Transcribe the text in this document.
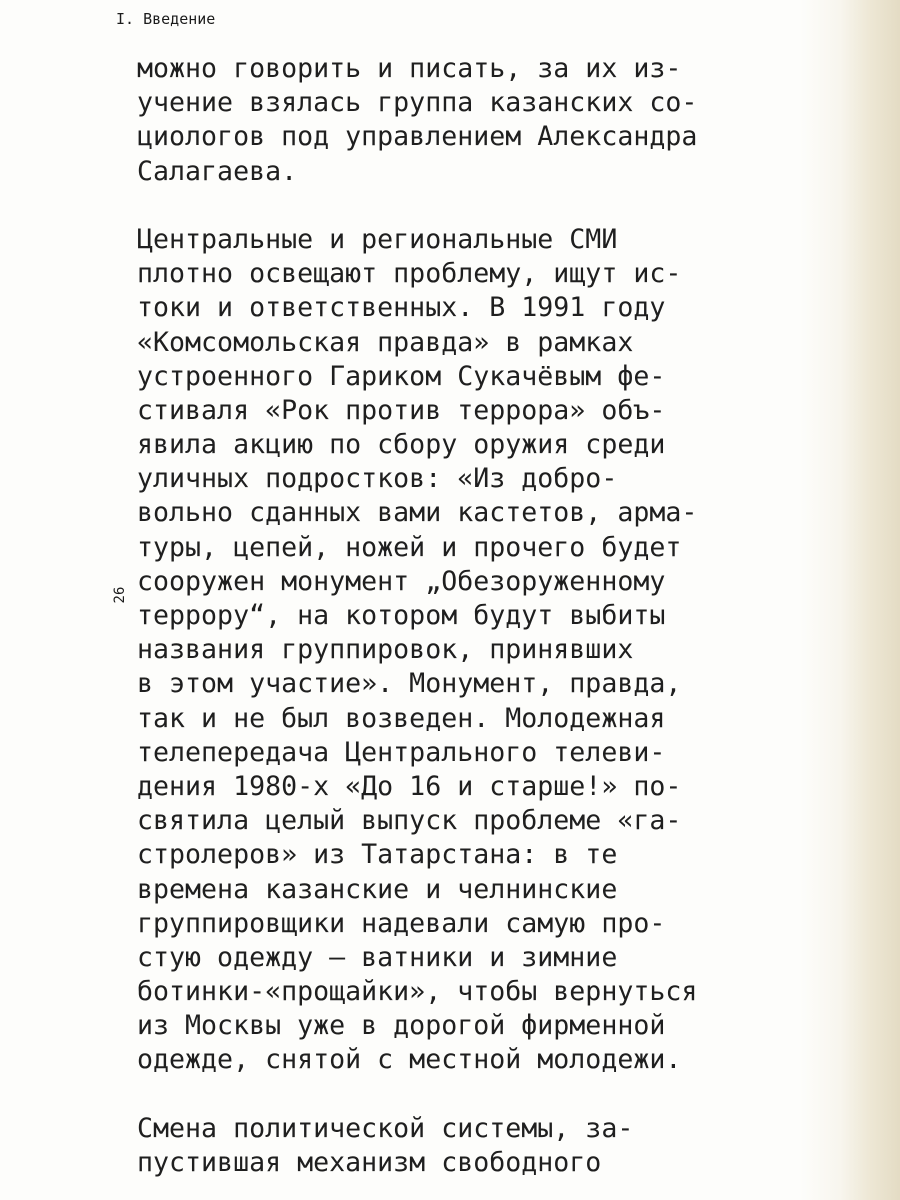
I. Введение
26
можно говорить и писать, за их из-
учение взялась группа казанских со-
циологов под управлением Александра
Салагаева.
Центральные и региональные СМИ
плотно освещают проблему, ищут ис-
токи и ответственных. В 1991 году
«Комсомольская правда» в рамках
устроенного Гариком Сукачёвым фе-
стиваля «Рок против террора» объ-
явила акцию по сбору оружия среди
уличных подростков: «Из добро-
вольно сданных вами кастетов, арма-
туры, цепей, ножей и прочего будет
сооружен монумент „Обезоруженному
террору“, на котором будут выбиты
названия группировок, принявших
в этом участие». Монумент, правда,
так и не был возведен. Молодежная
телепередача Центрального телеви-
дения 1980-х «До 16 и старше!» по-
святила целый выпуск проблеме «га-
стролеров» из Татарстана: в те
времена казанские и челнинские
группировщики надевали самую про-
стую одежду — ватники и зимние
ботинки-«прощайки», чтобы вернуться
из Москвы уже в дорогой фирменной
одежде, снятой с местной молодежи.
Смена политической системы, за-
пустившая механизм свободного
